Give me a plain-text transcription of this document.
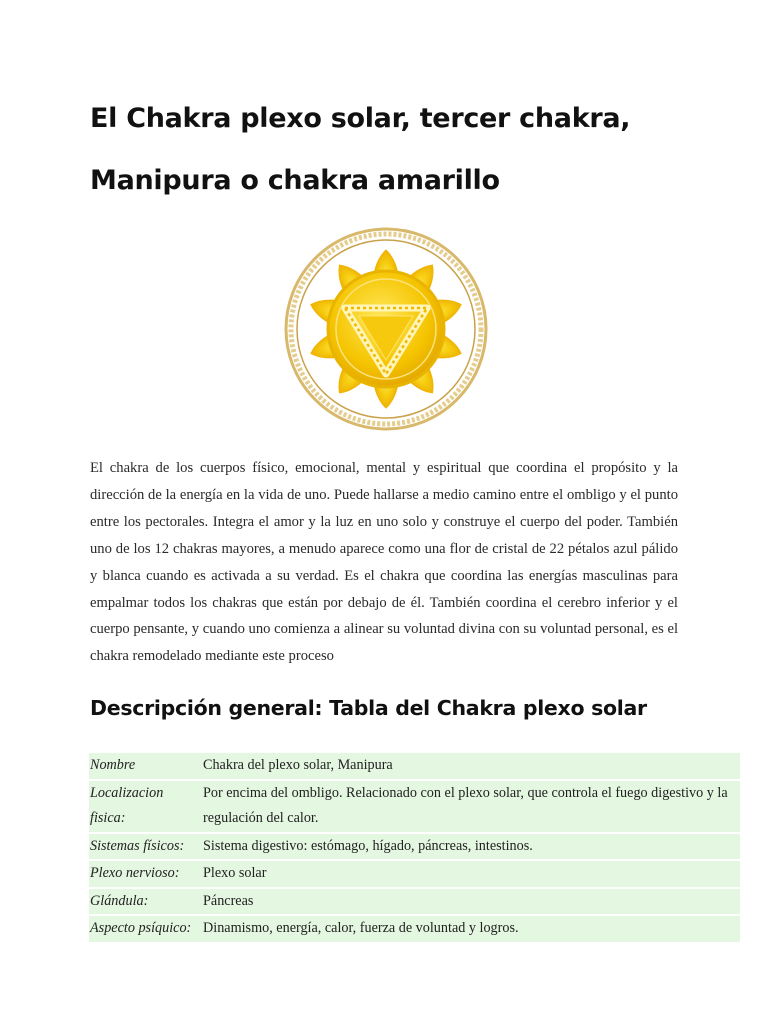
El Chakra plexo solar, tercer chakra, Manipura o chakra amarillo

El chakra de los cuerpos físico, emocional, mental y espiritual que coordina el propósito y la dirección de la energía en la vida de uno. Puede hallarse a medio camino entre el ombligo y el punto entre los pectorales. Integra el amor y la luz en uno solo y construye el cuerpo del poder. También uno de los 12 chakras mayores, a menudo aparece como una flor de cristal de 22 pétalos azul pálido y blanca cuando es activada a su verdad. Es el chakra que coordina las energías masculinas para empalmar todos los chakras que están por debajo de él. También coordina el cerebro inferior y el cuerpo pensante, y cuando uno comienza a alinear su voluntad divina con su voluntad personal, es el chakra remodelado mediante este proceso

Descripción general: Tabla del Chakra plexo solar
Nombre	Chakra del plexo solar, Manipura
Localizacion fisica:	Por encima del ombligo. Relacionado con el plexo solar, que controla el fuego digestivo y la regulación del calor.
Sistemas físicos:	Sistema digestivo: estómago, hígado, páncreas, intestinos.
Plexo nervioso:	Plexo solar
Glándula:	Páncreas
Aspecto psíquico:	Dinamismo, energía, calor, fuerza de voluntad y logros.
